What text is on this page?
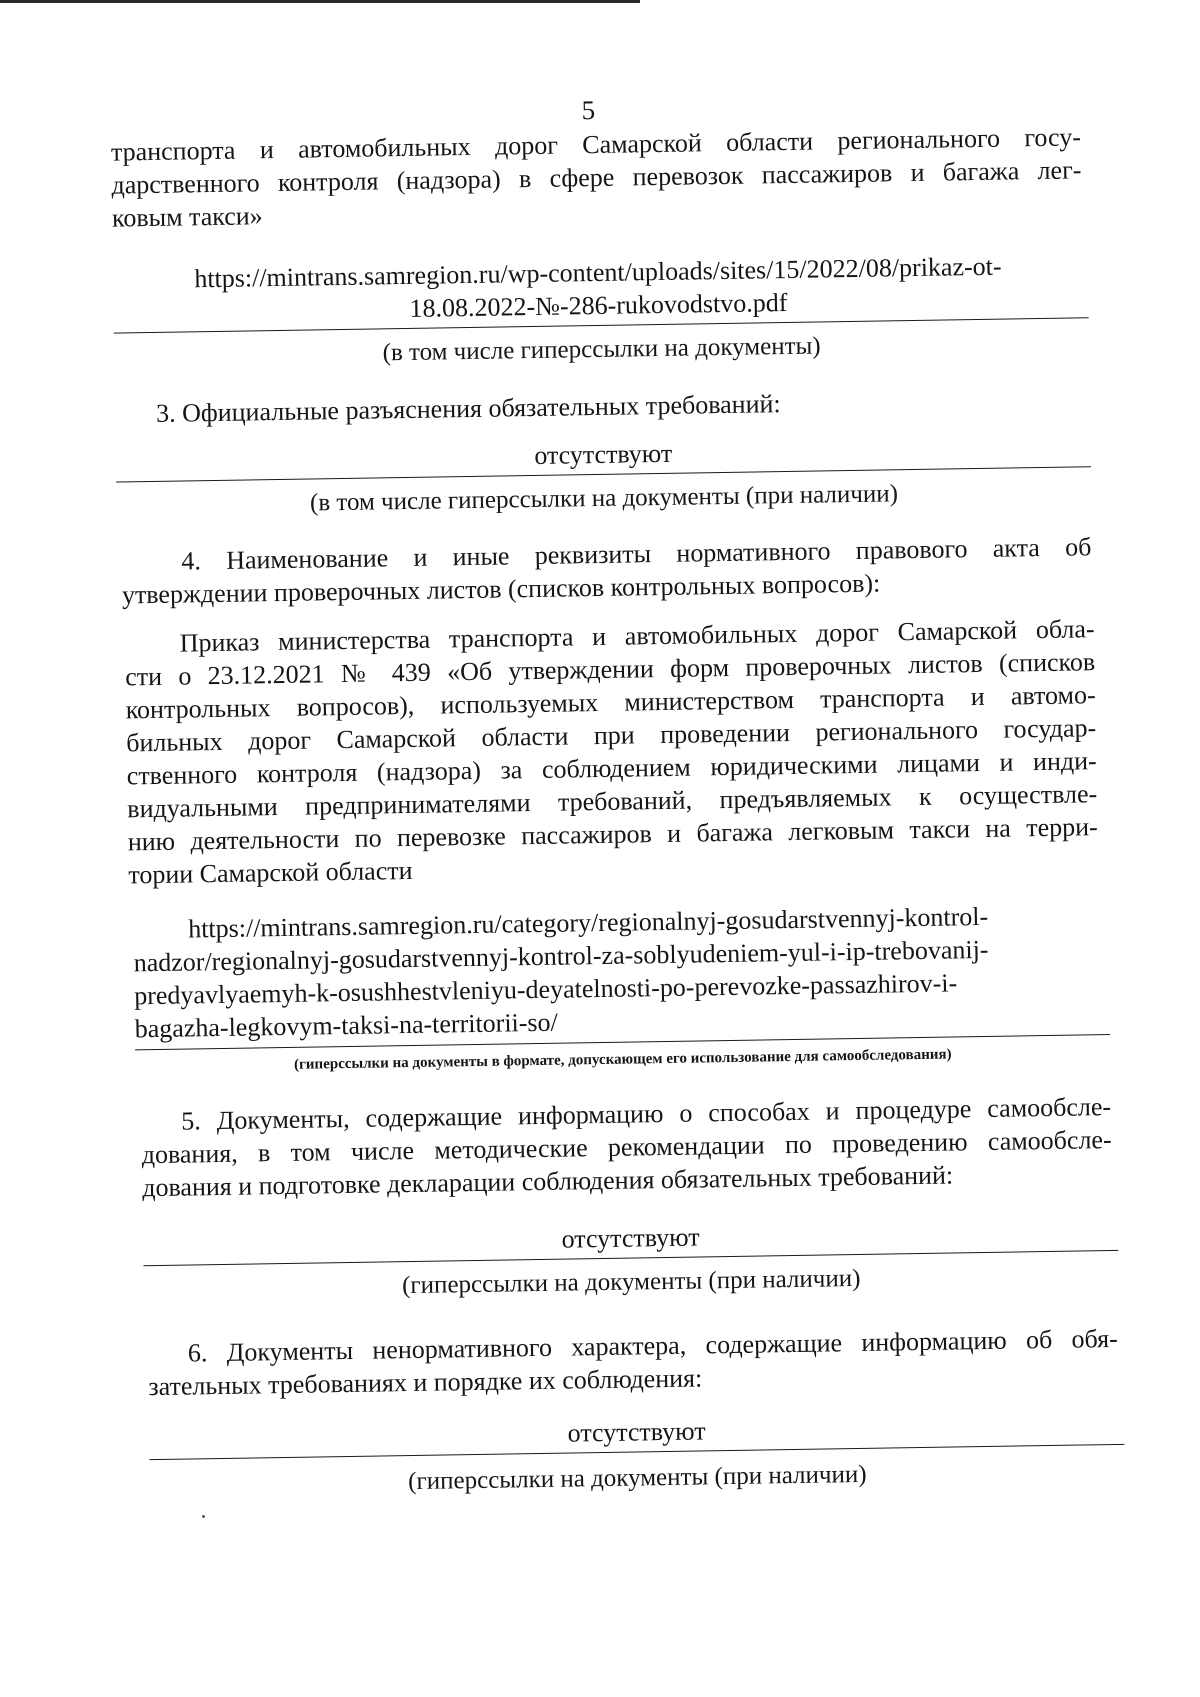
5
транспорта и автомобильных дорог Самарской области регионального госу-
дарственного контроля (надзора) в сфере перевозок пассажиров и багажа лег-
ковым такси»
https://mintrans.samregion.ru/wp-content/uploads/sites/15/2022/08/prikaz-ot-
18.08.2022-№-286-rukovodstvo.pdf
(в том числе гиперссылки на документы)
3. Официальные разъяснения обязательных требований:
отсутствуют
(в том числе гиперссылки на документы (при наличии)
4. Наименование и иные реквизиты нормативного правового акта об
утверждении проверочных листов (списков контрольных вопросов):
Приказ министерства транспорта и автомобильных дорог Самарской обла-
сти о 23.12.2021 № 439 «Об утверждении форм проверочных листов (списков
контрольных вопросов), используемых министерством транспорта и автомо-
бильных дорог Самарской области при проведении регионального государ-
ственного контроля (надзора) за соблюдением юридическими лицами и инди-
видуальными предпринимателями требований, предъявляемых к осуществле-
нию деятельности по перевозке пассажиров и багажа легковым такси на терри-
тории Самарской области
https://mintrans.samregion.ru/category/regionalnyj-gosudarstvennyj-kontrol-
nadzor/regionalnyj-gosudarstvennyj-kontrol-za-soblyudeniem-yul-i-ip-trebovanij-
predyavlyaemyh-k-osushhestvleniyu-deyatelnosti-po-perevozke-passazhirov-i-
bagazha-legkovym-taksi-na-territorii-so/
(гиперссылки на документы в формате, допускающем его использование для самообследования)
5. Документы, содержащие информацию о способах и процедуре самообсле-
дования, в том числе методические рекомендации по проведению самообсле-
дования и подготовке декларации соблюдения обязательных требований:
отсутствуют
(гиперссылки на документы (при наличии)
6. Документы ненормативного характера, содержащие информацию об обя-
зательных требованиях и порядке их соблюдения:
отсутствуют
(гиперссылки на документы (при наличии)
